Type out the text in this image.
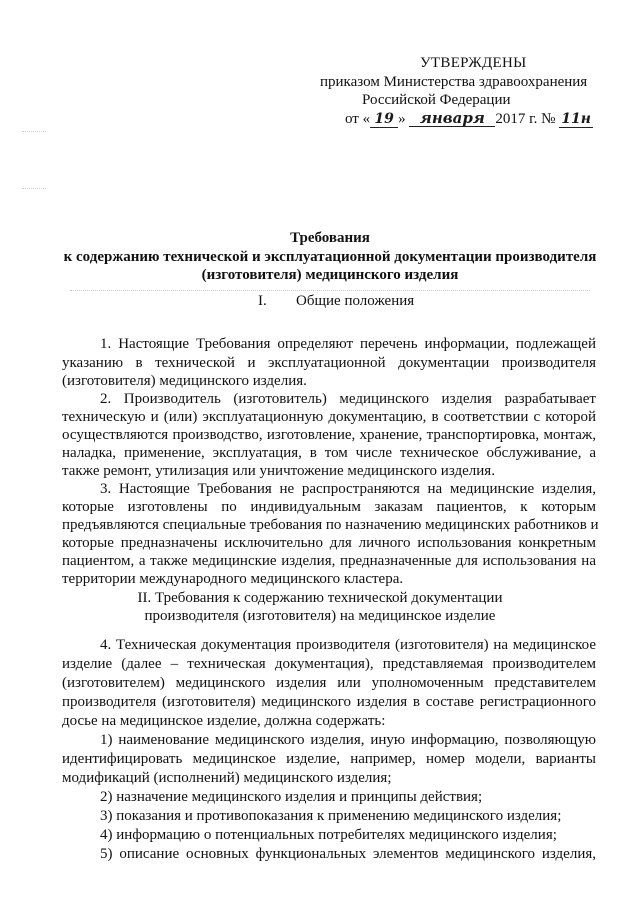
УТВЕРЖДЕНЫ
приказом Министерства здравоохранения
Российской Федерации
от « 19 » января 2017 г. № 11н
Требования
к содержанию технической и эксплуатационной документации производителя
(изготовителя) медицинского изделия
I. Общие положения
1. Настоящие Требования определяют перечень информации, подлежащей
указанию в технической и эксплуатационной документации производителя
(изготовителя) медицинского изделия.
2. Производитель (изготовитель) медицинского изделия разрабатывает
техническую и (или) эксплуатационную документацию, в соответствии с которой
осуществляются производство, изготовление, хранение, транспортировка, монтаж,
наладка, применение, эксплуатация, в том числе техническое обслуживание, а
также ремонт, утилизация или уничтожение медицинского изделия.
3. Настоящие Требования не распространяются на медицинские изделия,
которые изготовлены по индивидуальным заказам пациентов, к которым
предъявляются специальные требования по назначению медицинских работников и
которые предназначены исключительно для личного использования конкретным
пациентом, а также медицинские изделия, предназначенные для использования на
территории международного медицинского кластера.
II. Требования к содержанию технической документации
производителя (изготовителя) на медицинское изделие
4. Техническая документация производителя (изготовителя) на медицинское
изделие (далее – техническая документация), представляемая производителем
(изготовителем) медицинского изделия или уполномоченным представителем
производителя (изготовителя) медицинского изделия в составе регистрационного
досье на медицинское изделие, должна содержать:
1) наименование медицинского изделия, иную информацию, позволяющую
идентифицировать медицинское изделие, например, номер модели, варианты
модификаций (исполнений) медицинского изделия;
2) назначение медицинского изделия и принципы действия;
3) показания и противопоказания к применению медицинского изделия;
4) информацию о потенциальных потребителях медицинского изделия;
5) описание основных функциональных элементов медицинского изделия,
